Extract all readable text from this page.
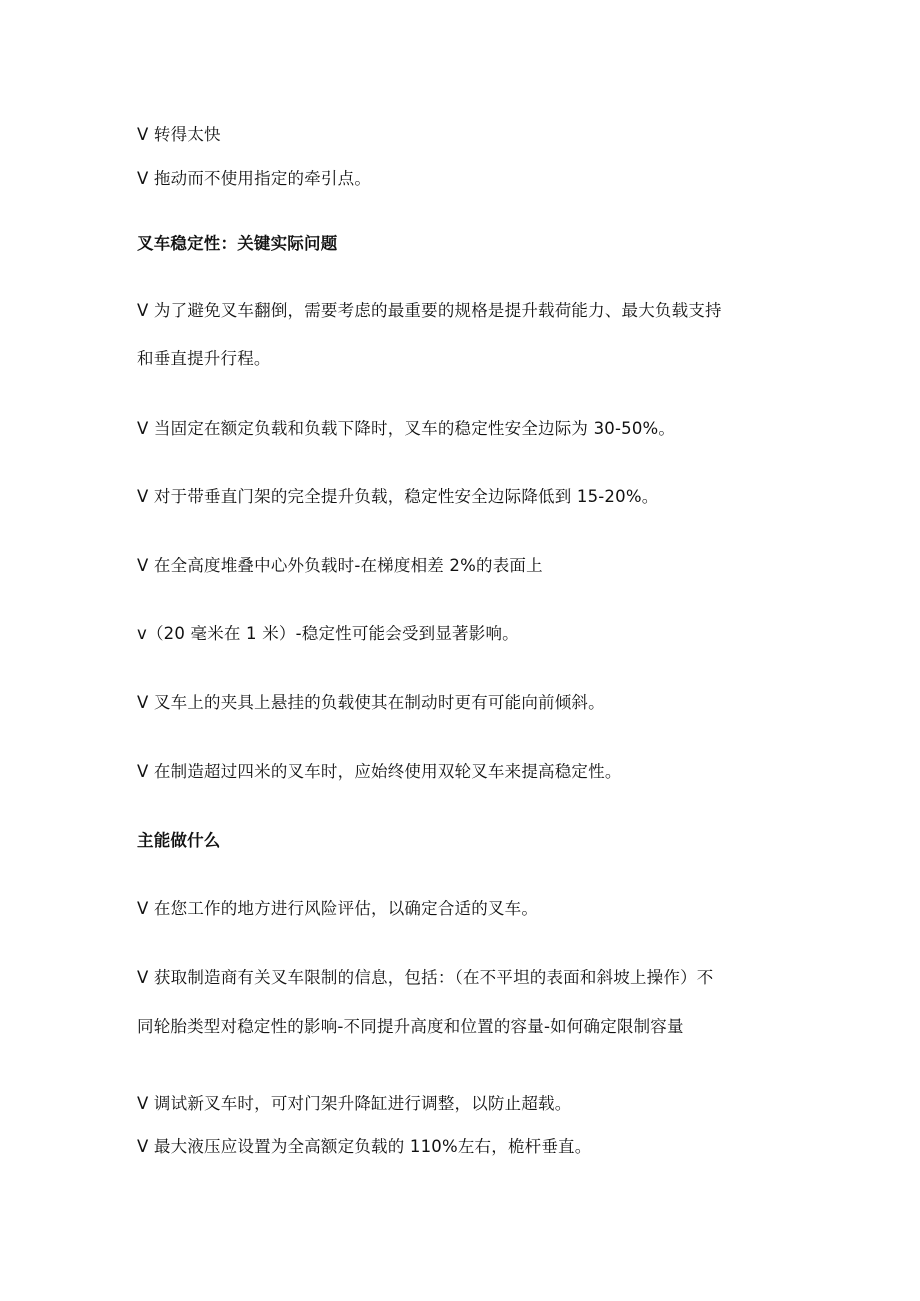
V 转得太快
V 拖动而不使用指定的牵引点。
叉车稳定性：关键实际问题
V 为了避免叉车翻倒，需要考虑的最重要的规格是提升载荷能力、最大负载支持
和垂直提升行程。
V 当固定在额定负载和负载下降时，叉车的稳定性安全边际为 30-50%。
V 对于带垂直门架的完全提升负载，稳定性安全边际降低到 15-20%。
V 在全高度堆叠中心外负载时-在梯度相差 2%的表面上
v（20 毫米在 1 米）-稳定性可能会受到显著影响。
V 叉车上的夹具上悬挂的负载使其在制动时更有可能向前倾斜。
V 在制造超过四米的叉车时，应始终使用双轮叉车来提高稳定性。
主能做什么
V 在您工作的地方进行风险评估，以确定合适的叉车。
V 获取制造商有关叉车限制的信息，包括：（在不平坦的表面和斜坡上操作）不
同轮胎类型对稳定性的影响-不同提升高度和位置的容量-如何确定限制容量
V 调试新叉车时，可对门架升降缸进行调整，以防止超载。
V 最大液压应设置为全高额定负载的 110%左右，桅杆垂直。
